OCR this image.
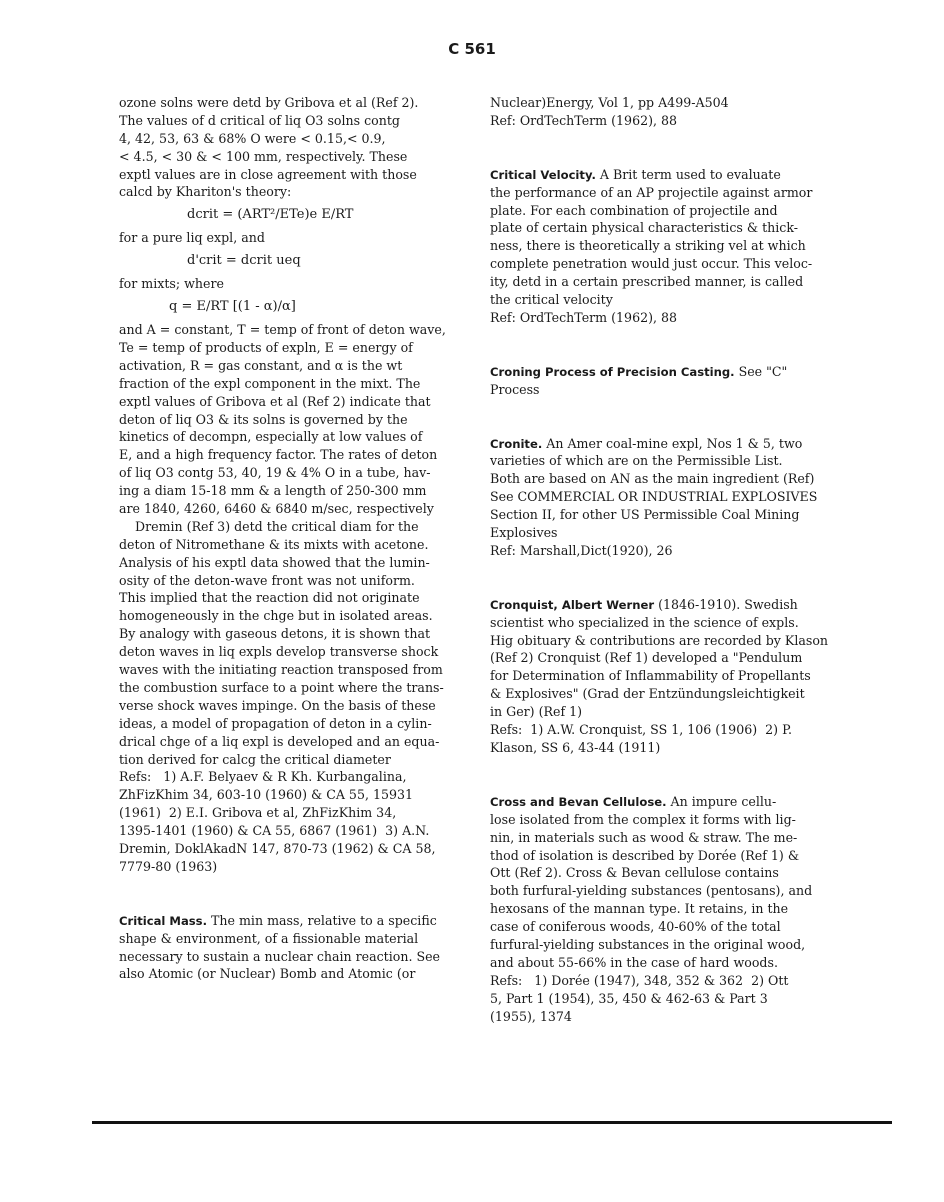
C 561
ozone solns were detd by Gribova et al (Ref 2).
The values of d critical of liq O3 solns contg
4, 42, 53, 63 & 68% O were < 0.15,< 0.9,
< 4.5, < 30 & < 100 mm, respectively. These
exptl values are in close agreement with those
calcd by Khariton's theory:
dcrit = (ART²/ETe)e E/RT
for a pure liq expl, and
d'crit = dcrit ueq
for mixts; where
q = E/RT [(1 - α)/α]
and A = constant, T = temp of front of deton wave,
Te = temp of products of expln, E = energy of
activation, R = gas constant, and α is the wt
fraction of the expl component in the mixt. The
exptl values of Gribova et al (Ref 2) indicate that
deton of liq O3 & its solns is governed by the
kinetics of decompn, especially at low values of
E, and a high frequency factor. The rates of deton
of liq O3 contg 53, 40, 19 & 4% O in a tube, hav-
ing a diam 15-18 mm & a length of 250-300 mm
are 1840, 4260, 6460 & 6840 m/sec, respectively
Dremin (Ref 3) detd the critical diam for the
deton of Nitromethane & its mixts with acetone.
Analysis of his exptl data showed that the lumin-
osity of the deton-wave front was not uniform.
This implied that the reaction did not originate
homogeneously in the chge but in isolated areas.
By analogy with gaseous detons, it is shown that
deton waves in liq expls develop transverse shock
waves with the initiating reaction transposed from
the combustion surface to a point where the trans-
verse shock waves impinge. On the basis of these
ideas, a model of propagation of deton in a cylin-
drical chge of a liq expl is developed and an equa-
tion derived for calcg the critical diameter
Refs:   1) A.F. Belyaev & R Kh. Kurbangalina,
ZhFizKhim 34, 603-10 (1960) & CA 55, 15931
(1961)  2) E.I. Gribova et al, ZhFizKhim 34,
1395-1401 (1960) & CA 55, 6867 (1961)  3) A.N.
Dremin, DoklAkadN 147, 870-73 (1962) & CA 58,
7779-80 (1963)
Critical Mass. The min mass, relative to a specific
shape & environment, of a fissionable material
necessary to sustain a nuclear chain reaction. See
also Atomic (or Nuclear) Bomb and Atomic (or
Nuclear)Energy, Vol 1, pp A499-A504
Ref: OrdTechTerm (1962), 88
Critical Velocity. A Brit term used to evaluate
the performance of an AP projectile against armor
plate. For each combination of projectile and
plate of certain physical characteristics & thick-
ness, there is theoretically a striking vel at which
complete penetration would just occur. This veloc-
ity, detd in a certain prescribed manner, is called
the critical velocity
Ref: OrdTechTerm (1962), 88
Croning Process of Precision Casting. See "C"
Process
Cronite. An Amer coal-mine expl, Nos 1 & 5, two
varieties of which are on the Permissible List.
Both are based on AN as the main ingredient (Ref)
See COMMERCIAL OR INDUSTRIAL EXPLOSIVES
Section II, for other US Permissible Coal Mining
Explosives
Ref: Marshall,Dict(1920), 26
Cronquist, Albert Werner (1846-1910). Swedish
scientist who specialized in the science of expls.
Hig obituary & contributions are recorded by Klason
(Ref 2) Cronquist (Ref 1) developed a "Pendulum
for Determination of Inflammability of Propellants
& Explosives" (Grad der Entzündungsleichtigkeit
in Ger) (Ref 1)
Refs:  1) A.W. Cronquist, SS 1, 106 (1906)  2) P.
Klason, SS 6, 43-44 (1911)
Cross and Bevan Cellulose. An impure cellu-
lose isolated from the complex it forms with lig-
nin, in materials such as wood & straw. The me-
thod of isolation is described by Dorée (Ref 1) &
Ott (Ref 2). Cross & Bevan cellulose contains
both furfural-yielding substances (pentosans), and
hexosans of the mannan type. It retains, in the
case of coniferous woods, 40-60% of the total
furfural-yielding substances in the original wood,
and about 55-66% in the case of hard woods.
Refs:   1) Dorée (1947), 348, 352 & 362  2) Ott
5, Part 1 (1954), 35, 450 & 462-63 & Part 3
(1955), 1374
